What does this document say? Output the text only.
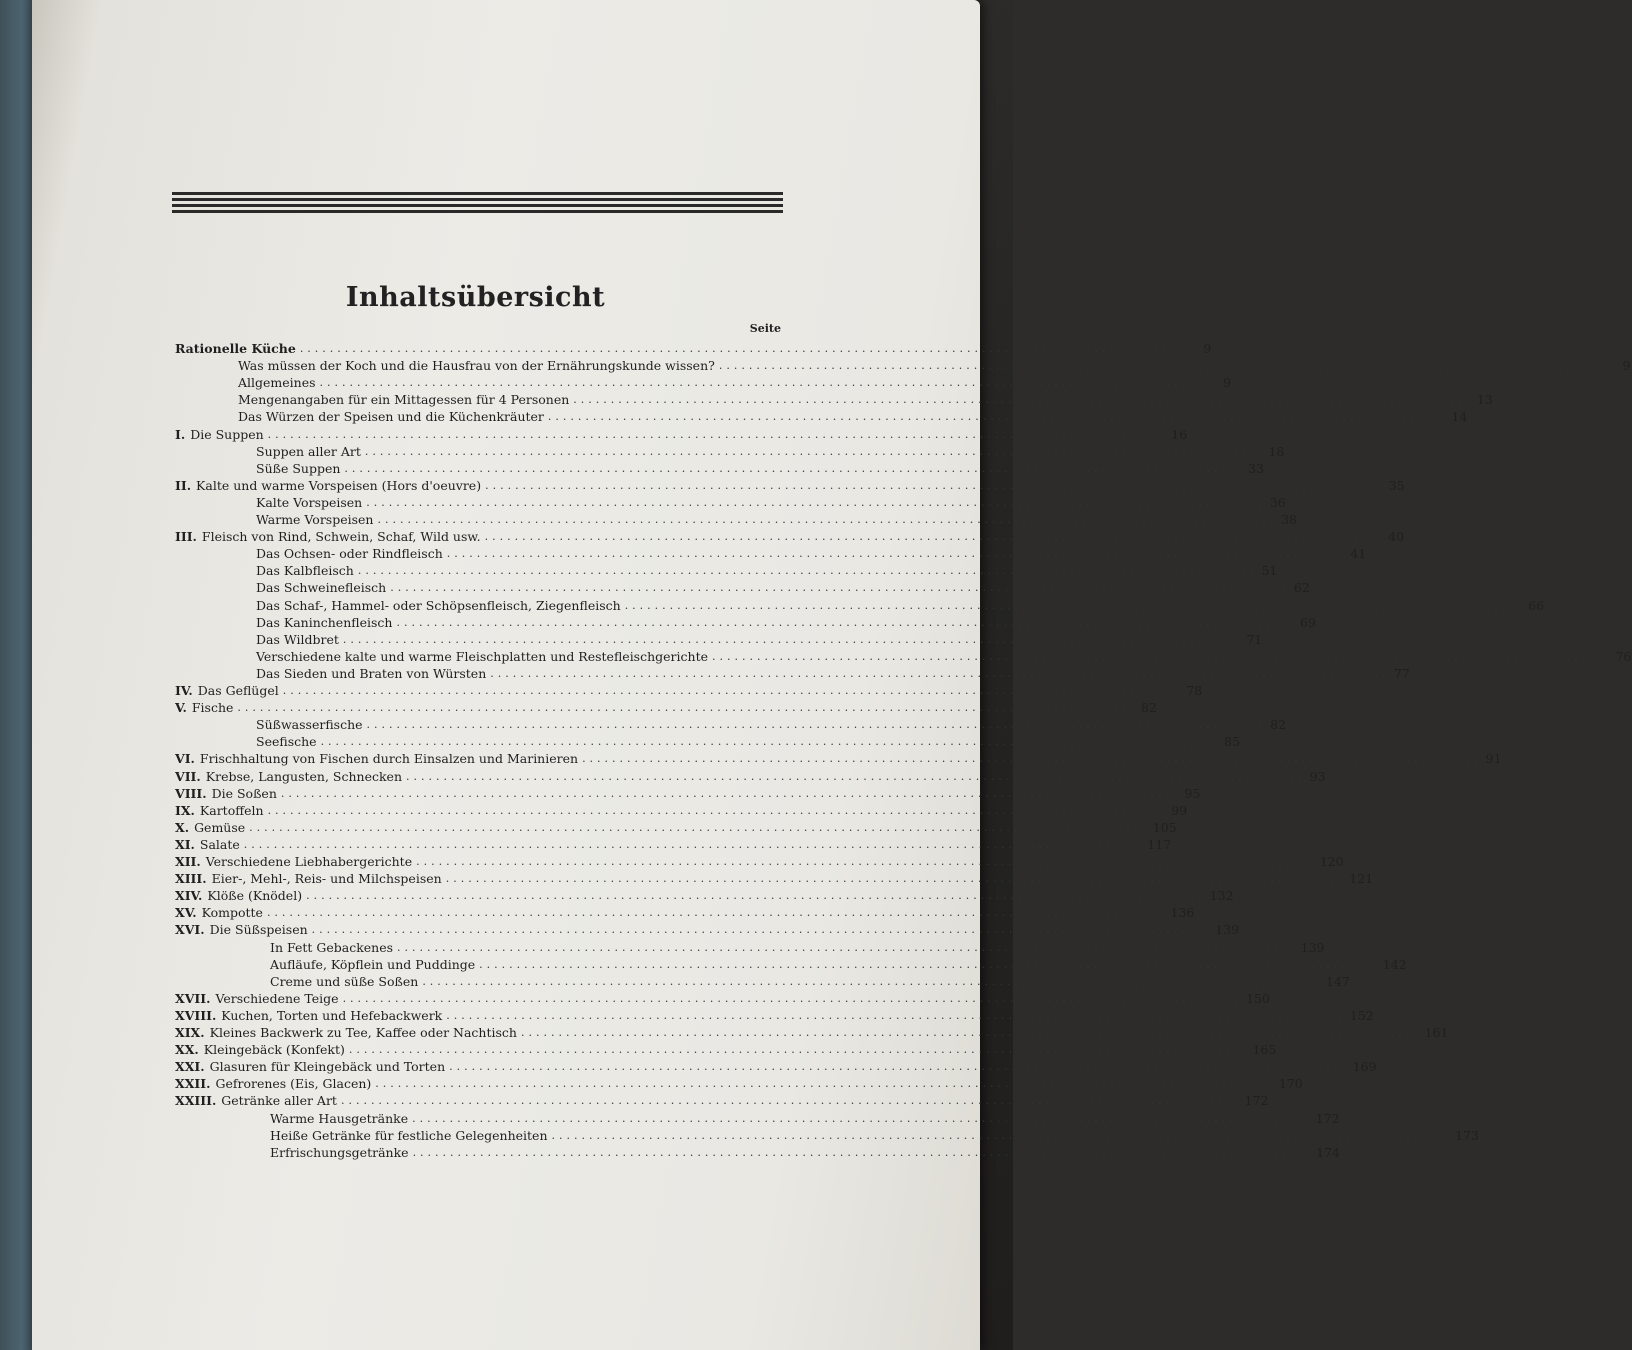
Inhaltsübersicht
Seite
Rationelle Küche ........................................................................................................................ 9
Was müssen der Koch und die Hausfrau von der Ernährungskunde wissen? ........................................................................................................................ 9
Allgemeines ........................................................................................................................ 9
Mengenangaben für ein Mittagessen für 4 Personen ........................................................................................................................ 13
Das Würzen der Speisen und die Küchenkräuter ........................................................................................................................ 14
I. Die Suppen ........................................................................................................................ 16
Suppen aller Art ........................................................................................................................ 18
Süße Suppen ........................................................................................................................ 33
II. Kalte und warme Vorspeisen (Hors d'oeuvre) ........................................................................................................................ 35
Kalte Vorspeisen ........................................................................................................................ 36
Warme Vorspeisen ........................................................................................................................ 38
III. Fleisch von Rind, Schwein, Schaf, Wild usw. ........................................................................................................................ 40
Das Ochsen- oder Rindfleisch ........................................................................................................................ 41
Das Kalbfleisch ........................................................................................................................ 51
Das Schweinefleisch ........................................................................................................................ 62
Das Schaf-, Hammel- oder Schöpsenfleisch, Ziegenfleisch ........................................................................................................................ 66
Das Kaninchenfleisch ........................................................................................................................ 69
Das Wildbret ........................................................................................................................ 71
Verschiedene kalte und warme Fleischplatten und Resteﬂeischgerichte ........................................................................................................................ 76
Das Sieden und Braten von Würsten ........................................................................................................................ 77
IV. Das Geflügel ........................................................................................................................ 78
V. Fische ........................................................................................................................ 82
Süßwasserfische ........................................................................................................................ 82
Seefische ........................................................................................................................ 85
VI. Frischhaltung von Fischen durch Einsalzen und Marinieren ........................................................................................................................ 91
VII. Krebse, Langusten, Schnecken ........................................................................................................................ 93
VIII. Die Soßen ........................................................................................................................ 95
IX. Kartoffeln ........................................................................................................................ 99
X. Gemüse ........................................................................................................................ 105
XI. Salate ........................................................................................................................ 117
XII. Verschiedene Liebhabergerichte ........................................................................................................................ 120
XIII. Eier-, Mehl-, Reis- und Milchspeisen ........................................................................................................................ 121
XIV. Klöße (Knödel) ........................................................................................................................ 132
XV. Kompotte ........................................................................................................................ 136
XVI. Die Süßspeisen ........................................................................................................................ 139
In Fett Gebackenes ........................................................................................................................ 139
Aufläufe, Köpflein und Puddinge ........................................................................................................................ 142
Creme und süße Soßen ........................................................................................................................ 147
XVII. Verschiedene Teige ........................................................................................................................ 150
XVIII. Kuchen, Torten und Hefebackwerk ........................................................................................................................ 152
XIX. Kleines Backwerk zu Tee, Kaffee oder Nachtisch ........................................................................................................................ 161
XX. Kleingebäck (Konfekt) ........................................................................................................................ 165
XXI. Glasuren für Kleingebäck und Torten ........................................................................................................................ 169
XXII. Gefrorenes (Eis, Glacen) ........................................................................................................................ 170
XXIII. Getränke aller Art ........................................................................................................................ 172
Warme Hausgetränke ........................................................................................................................ 172
Heiße Getränke für festliche Gelegenheiten ........................................................................................................................ 173
Erfrischungsgetränke ........................................................................................................................ 174
